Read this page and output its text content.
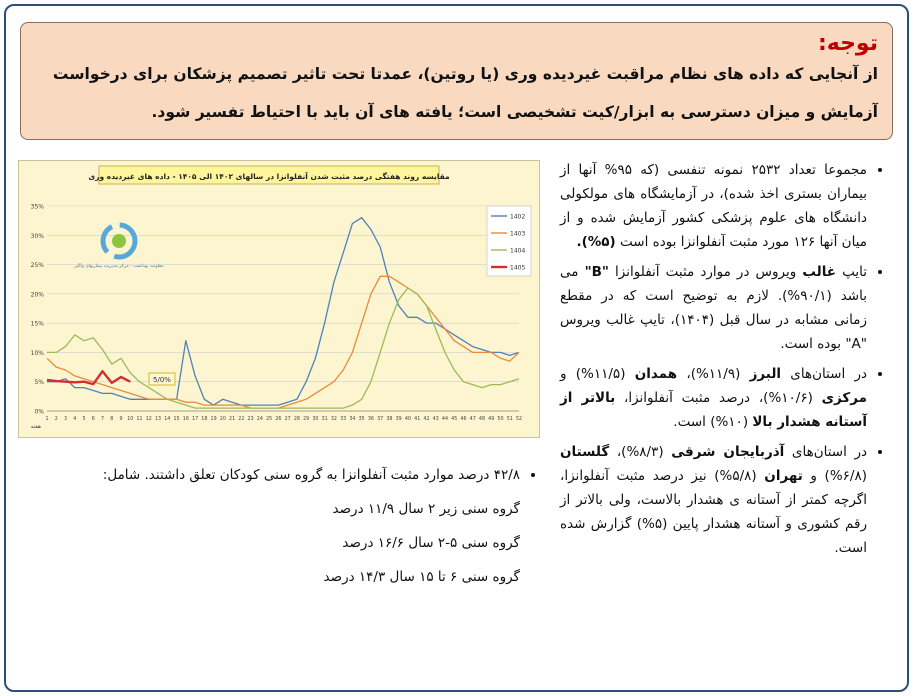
توجه:
از آنجایی که داده های نظام مراقبت غیردیده وری (یا روتین)، عمدتا تحت تاثیر تصمیم پزشکان برای درخواست آزمایش و میزان دسترسی به ابزار/کیت تشخیصی است؛ یافته های آن باید با احتیاط تفسیر شود.
مقایسه روند هفتگی درصد مثبت شدن آنفلوانزا در سالهای ۱۴۰۲ الی ۱۴۰۵ - داده های غیردیده وری
0%
5%
10%
15%
20%
25%
30%
35%
1 2 3 4 5 6 7 8 9 10 11 12 13 14 15 16 17 18 19 20 21 22 23 24 25 26 27 28 29 30 31 32 33 34 35 36 37 38 39 40 41 42 43 44 45 46 47 48 49 50 51 52
هفته
معاونت بهداشت - مرکز مدیریت بیماریهای واگیر
1402
1403
1404
1405
5/0%
• مجموعا تعداد ۲۵۳۲ نمونه تنفسی (که ۹۵% آنها از بیماران بستری اخذ شده)، در آزمایشگاه های مولکولی دانشگاه های علوم پزشکی کشور آزمایش شده و از میان آنها ۱۲۶ مورد مثبت آنفلوانزا بوده است (۵%).
• تایپ غالب ویروس در موارد مثبت آنفلوانزا "B" می باشد (۹۰/۱%). لازم به توضیح است که در مقطع زمانی مشابه در سال قبل (۱۴۰۴)، تایپ غالب ویروس "A" بوده است.
• در استان‌های البرز (۱۱/۹%)، همدان (۱۱/۵%) و مرکزی (۱۰/۶%)، درصد مثبت آنفلوانزا، بالاتر از آستانه هشدار بالا (۱۰%) است.
• در استان‌های آذربایجان شرقی (۸/۳%)، گلستان (۶/۸%) و تهران (۵/۸%) نیز درصد مثبت آنفلوانزا، اگرچه کمتر از آستانه ی هشدار بالاست، ولی بالاتر از رقم کشوری و آستانه هشدار پایین (۵%) گزارش شده است.
• ۴۲/۸ درصد موارد مثبت آنفلوانزا به گروه سنی کودکان تعلق داشتند. شامل:
گروه سنی زیر ۲ سال ۱۱/۹ درصد
گروه سنی ۵-۲ سال ۱۶/۶ درصد
گروه سنی ۶ تا ۱۵ سال ۱۴/۳ درصد
